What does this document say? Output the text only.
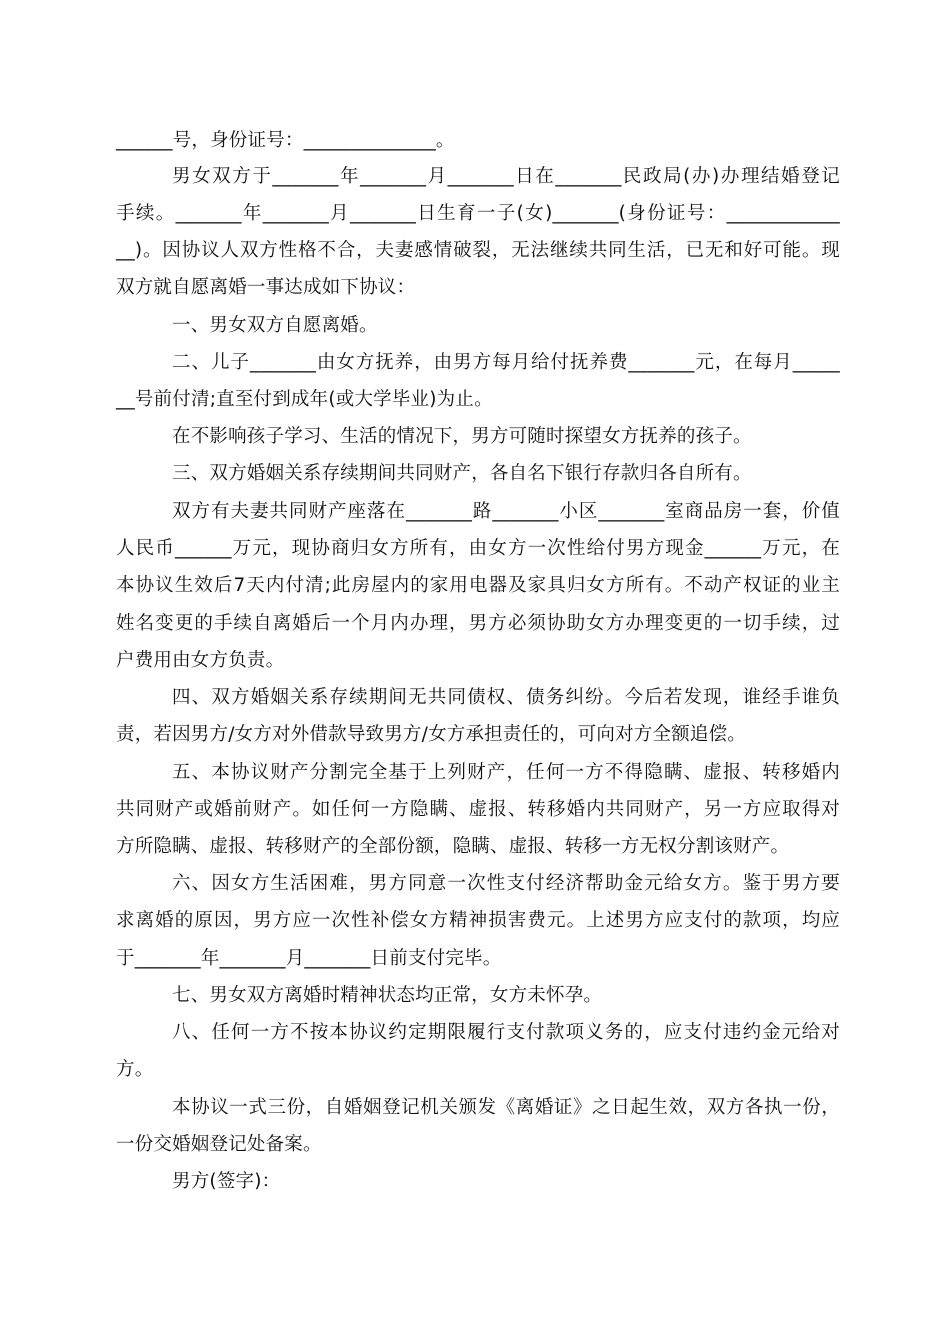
______号，身份证号：______________。
男女双方于_______年_______月_______日在_______民政局(办)办理结婚登记
手续。_______年_______月_______日生育一子(女)_______(身份证号：____________
__)。因协议人双方性格不合，夫妻感情破裂，无法继续共同生活，已无和好可能。现
双方就自愿离婚一事达成如下协议：
一、男女双方自愿离婚。
二、儿子_______由女方抚养，由男方每月给付抚养费_______元，在每月_____
__号前付清;直至付到成年(或大学毕业)为止。
在不影响孩子学习、生活的情况下，男方可随时探望女方抚养的孩子。
三、双方婚姻关系存续期间共同财产，各自名下银行存款归各自所有。
双方有夫妻共同财产座落在_______路_______小区_______室商品房一套，价值
人民币______万元，现协商归女方所有，由女方一次性给付男方现金______万元，在
本协议生效后7天内付清;此房屋内的家用电器及家具归女方所有。不动产权证的业主
姓名变更的手续自离婚后一个月内办理，男方必须协助女方办理变更的一切手续，过
户费用由女方负责。
四、双方婚姻关系存续期间无共同债权、债务纠纷。今后若发现，谁经手谁负
责，若因男方/女方对外借款导致男方/女方承担责任的，可向对方全额追偿。
五、本协议财产分割完全基于上列财产，任何一方不得隐瞒、虚报、转移婚内
共同财产或婚前财产。如任何一方隐瞒、虚报、转移婚内共同财产，另一方应取得对
方所隐瞒、虚报、转移财产的全部份额，隐瞒、虚报、转移一方无权分割该财产。
六、因女方生活困难，男方同意一次性支付经济帮助金元给女方。鉴于男方要
求离婚的原因，男方应一次性补偿女方精神损害费元。上述男方应支付的款项，均应
于_______年_______月_______日前支付完毕。
七、男女双方离婚时精神状态均正常，女方未怀孕。
八、任何一方不按本协议约定期限履行支付款项义务的，应支付违约金元给对
方。
本协议一式三份，自婚姻登记机关颁发《离婚证》之日起生效，双方各执一份，
一份交婚姻登记处备案。
男方(签字)：
